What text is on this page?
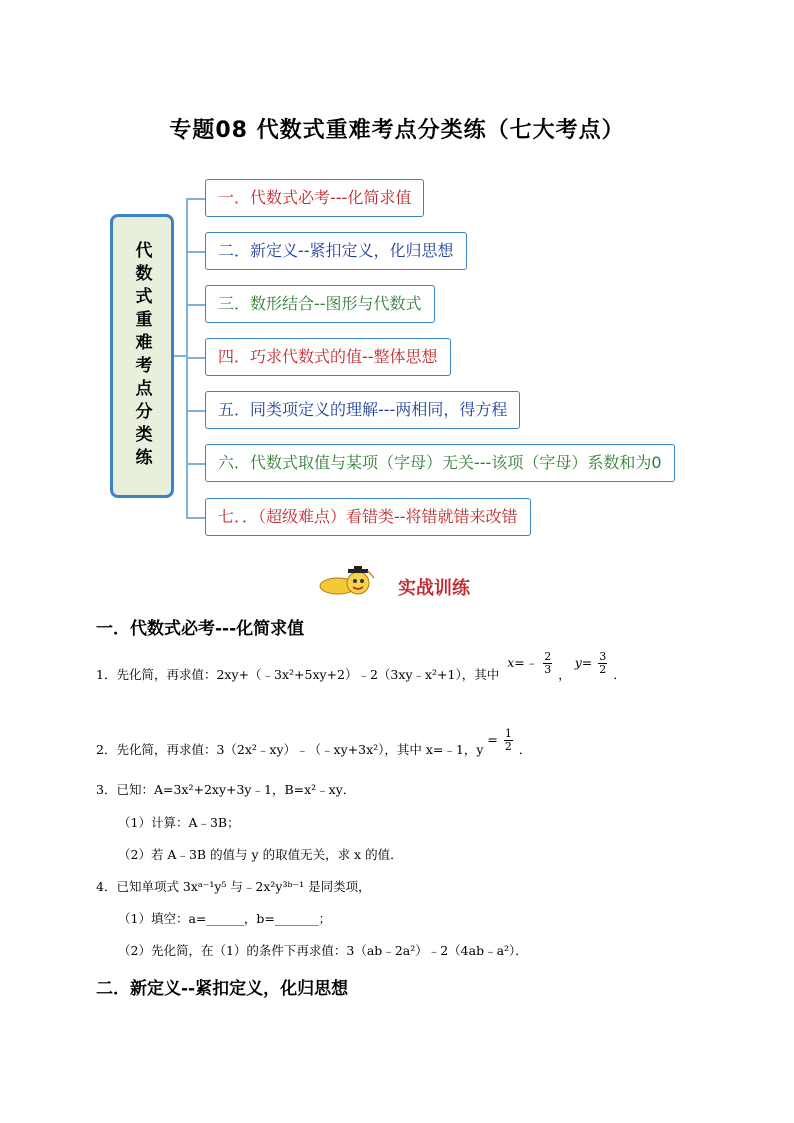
专题08 代数式重难考点分类练（七大考点）
代数式重难考点分类练
一．代数式必考---化简求值
二．新定义--紧扣定义，化归思想
三．数形结合--图形与代数式
四．巧求代数式的值--整体思想
五．同类项定义的理解---两相同，得方程
六．代数式取值与某项（字母）无关---该项（字母）系数和为0
七．．（超级难点）看错类--将错就错来改错
实战训练
一．代数式必考---化简求值
1．先化简，再求值：2xy+（﹣3x²+5xy+2）﹣2（3xy﹣x²+1），其中 x=﹣ $\frac{2}{3}$ ， $y= \frac{3}{2}$ ．
2．先化简，再求值：3（2x²﹣xy）﹣（﹣xy+3x²），其中 x=﹣1，$y = \frac{1}{2}$ ．
3．已知：A=3x²+2xy+3y﹣1，B=x²﹣xy．
（1）计算：A﹣3B；
（2）若 A﹣3B 的值与 y 的取值无关，求 x 的值．
4．已知单项式 3xᵃ⁻¹y⁵ 与﹣2x²y³ᵇ⁻¹ 是同类项，
（1）填空：a=______，b=_______；
（2）先化简，在（1）的条件下再求值：3（ab﹣2a²）﹣2（4ab﹣a²）．
二．新定义--紧扣定义，化归思想
